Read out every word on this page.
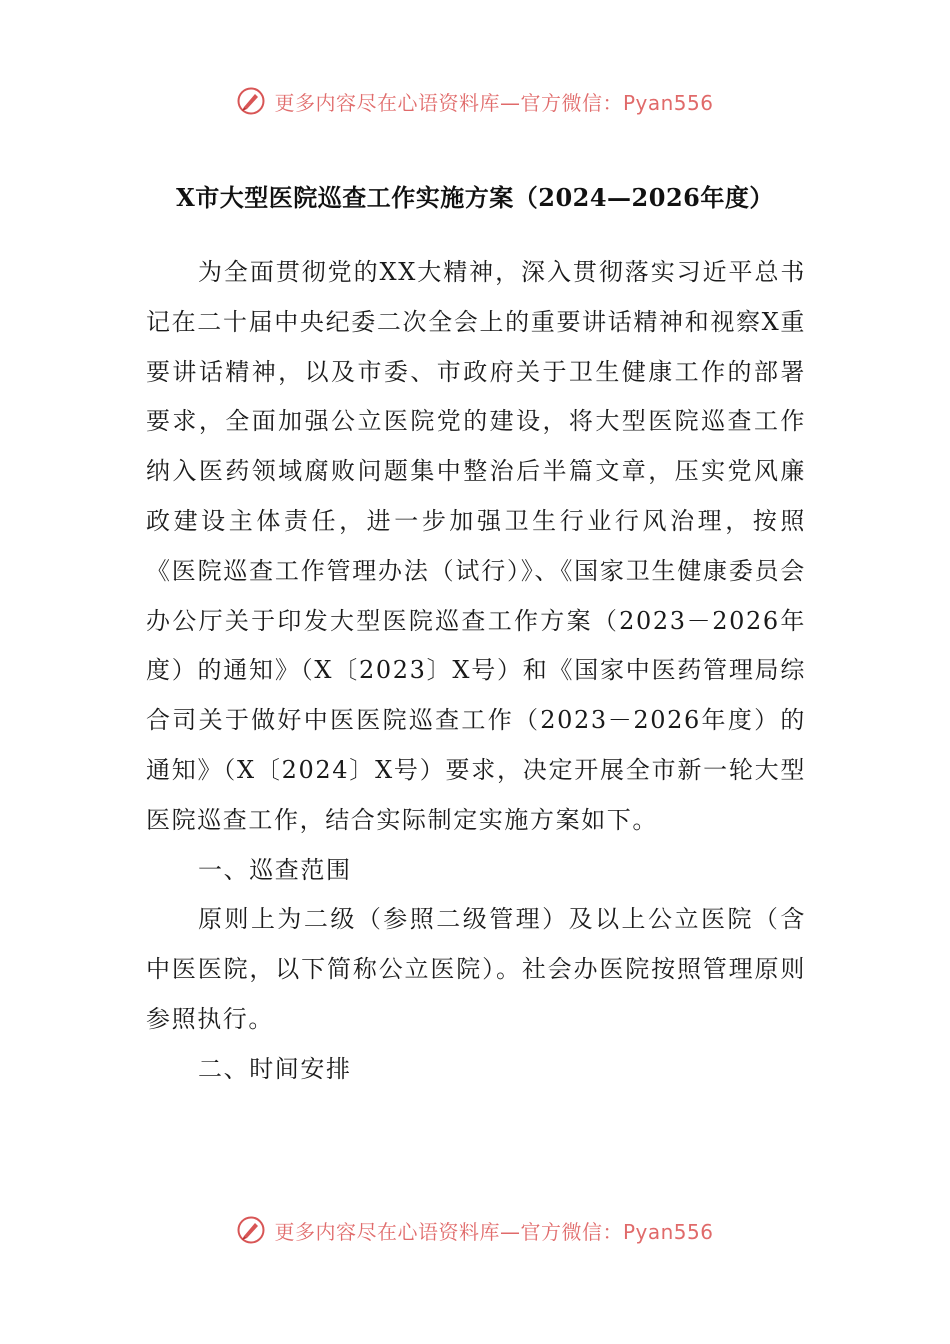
更多内容尽在心语资料库—官方微信：Pyan556
X市大型医院巡查工作实施方案（2024—2026年度）

为全面贯彻党的XX大精神，深入贯彻落实习近平总书记在二十届中央纪委二次全会上的重要讲话精神和视察X重要讲话精神，以及市委、市政府关于卫生健康工作的部署要求，全面加强公立医院党的建设，将大型医院巡查工作纳入医药领域腐败问题集中整治后半篇文章，压实党风廉政建设主体责任，进一步加强卫生行业行风治理，按照《医院巡查工作管理办法（试行）》、《国家卫生健康委员会办公厅关于印发大型医院巡查工作方案（2023－2026年度）的通知》（X〔2023〕X号）和《国家中医药管理局综合司关于做好中医医院巡查工作（2023－2026年度）的通知》（X〔2024〕X号）要求，决定开展全市新一轮大型医院巡查工作，结合实际制定实施方案如下。

一、巡查范围

原则上为二级（参照二级管理）及以上公立医院（含中医医院，以下简称公立医院）。社会办医院按照管理原则参照执行。

二、时间安排

更多内容尽在心语资料库—官方微信：Pyan556
